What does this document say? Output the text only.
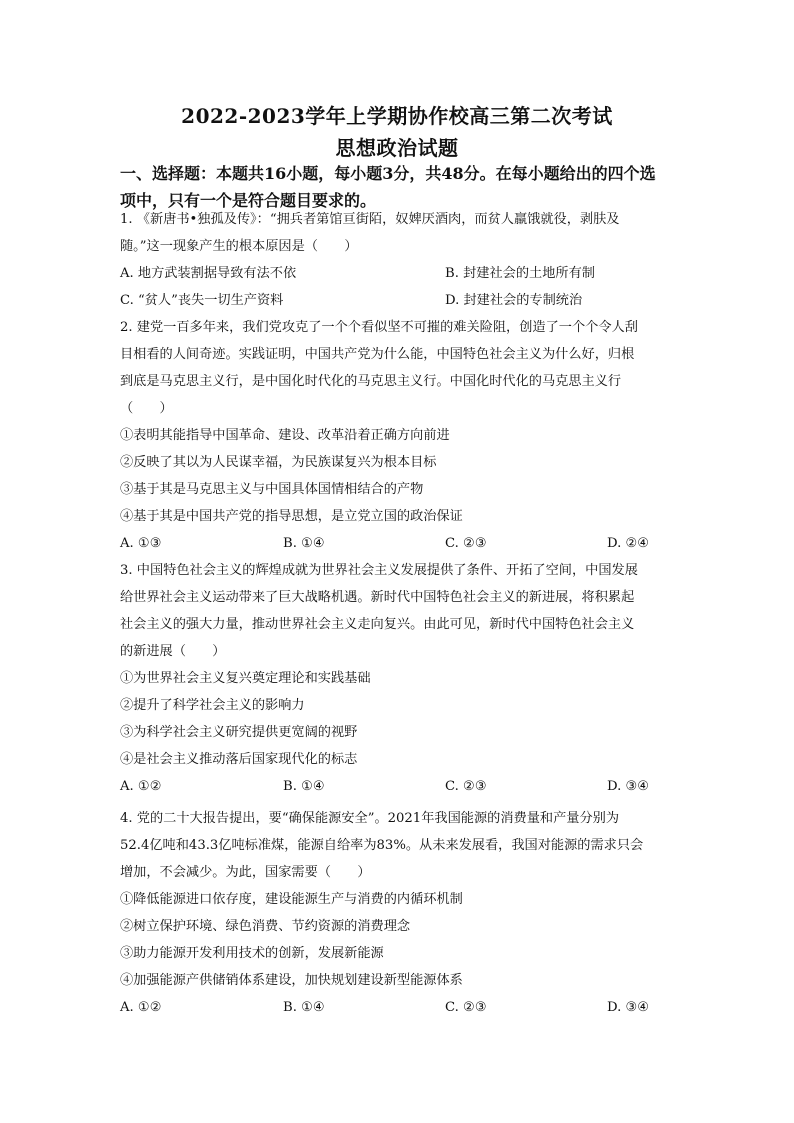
2022-2023学年上学期协作校高三第二次考试
思想政治试题
一、选择题：本题共16小题，每小题3分，共48分。在每小题给出的四个选
项中，只有一个是符合题目要求的。
1. 《新唐书•独孤及传》：“拥兵者第馆亘街陌，奴婢厌酒肉，而贫人羸饿就役，剥肤及
随。”这一现象产生的根本原因是（　　）
A. 地方武装割据导致有法不依	B. 封建社会的土地所有制
C. “贫人”丧失一切生产资料	D. 封建社会的专制统治
2. 建党一百多年来，我们党攻克了一个个看似坚不可摧的难关险阻，创造了一个个令人刮
目相看的人间奇迹。实践证明，中国共产党为什么能，中国特色社会主义为什么好，归根
到底是马克思主义行，是中国化时代化的马克思主义行。中国化时代化的马克思主义行
（　　）
①表明其能指导中国革命、建设、改革沿着正确方向前进
②反映了其以为人民谋幸福，为民族谋复兴为根本目标
③基于其是马克思主义与中国具体国情相结合的产物
④基于其是中国共产党的指导思想，是立党立国的政治保证
A. ①③	B. ①④	C. ②③	D. ②④
3. 中国特色社会主义的辉煌成就为世界社会主义发展提供了条件、开拓了空间，中国发展
给世界社会主义运动带来了巨大战略机遇。新时代中国特色社会主义的新进展，将积累起
社会主义的强大力量，推动世界社会主义走向复兴。由此可见，新时代中国特色社会主义
的新进展（　　）
①为世界社会主义复兴奠定理论和实践基础
②提升了科学社会主义的影响力
③为科学社会主义研究提供更宽阔的视野
④是社会主义推动落后国家现代化的标志
A. ①②	B. ①④	C. ②③	D. ③④
4. 党的二十大报告提出，要“确保能源安全”。2021年我国能源的消费量和产量分别为
52.4亿吨和43.3亿吨标准煤，能源自给率为83%。从未来发展看，我国对能源的需求只会
增加，不会减少。为此，国家需要（　　）
①降低能源进口依存度，建设能源生产与消费的内循环机制
②树立保护环境、绿色消费、节约资源的消费理念
③助力能源开发利用技术的创新，发展新能源
④加强能源产供储销体系建设，加快规划建设新型能源体系
A. ①②	B. ①④	C. ②③	D. ③④
